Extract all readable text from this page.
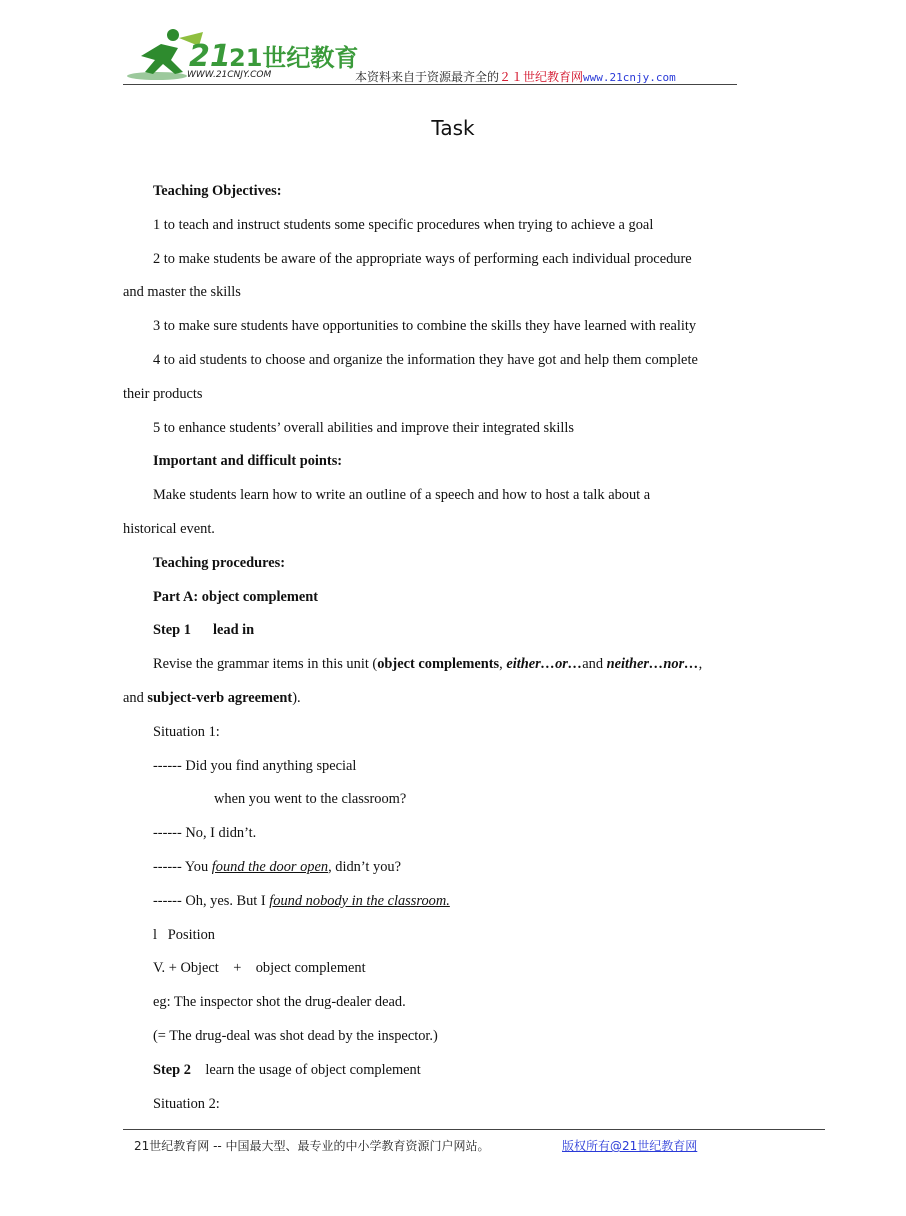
21
21世纪教育
WWW.21CNJY.COM	本资料来自于资源最齐全的２１世纪教育网www.21cnjy.com
Task

Teaching Objectives:

1 to teach and instruct students some specific procedures when trying to achieve a goal

2 to make students be aware of the appropriate ways of performing each individual procedure

and master the skills

3 to make sure students have opportunities to combine the skills they have learned with reality

4 to aid students to choose and organize the information they have got and help them complete

their products

5 to enhance students’ overall abilities and improve their integrated skills

Important and difficult points:

Make students learn how to write an outline of a speech and how to host a talk about a

historical event.

Teaching procedures:

Part A: object complement

Step 1 lead in

Revise the grammar items in this unit (object complements, either…or…and neither…nor…,

and subject-verb agreement).

Situation 1:

------ Did you find anything special

when you went to the classroom?

------ No, I didn’t.

------ You found the door open, didn’t you?

------ Oh, yes. But I found nobody in the classroom.

l Position

V. + Object    +    object complement

eg: The inspector shot the drug-dealer dead.

(= The drug-deal was shot dead by the inspector.)

Step 2 learn the usage of object complement

Situation 2:

21世纪教育网 -- 中国最大型、最专业的中小学教育资源门户网站。	版权所有@21世纪教育网
